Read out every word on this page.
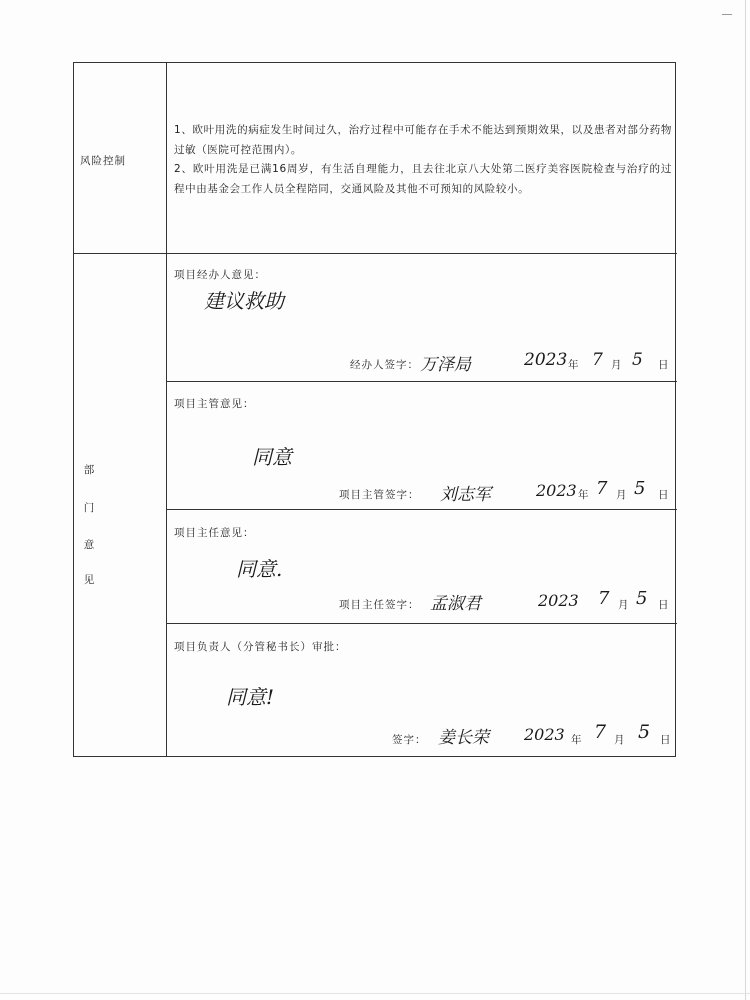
风险控制
1、欧叶用洗的病症发生时间过久，治疗过程中可能存在手术不能达到预期效果，以及患者对部分药物过敏（医院可控范围内）。
2、欧叶用洗是已满16周岁，有生活自理能力，且去往北京八大处第二医疗美容医院检查与治疗的过程中由基金会工作人员全程陪同，交通风险及其他不可预知的风险较小。
部
门
意
见
项目经办人意见：
建议救助
经办人签字： 万泽局	2023 年 7 月 5 日
项目主管意见：
同意
项目主管签字： 刘志军	2023 年 7 月 5 日
项目主任意见：
同意.
项目主任签字： 孟淑君	2023 7 月 5 日
项目负责人（分管秘书长）审批：
同意!
签字： 姜长荣 2023 年 7 月 5 日
